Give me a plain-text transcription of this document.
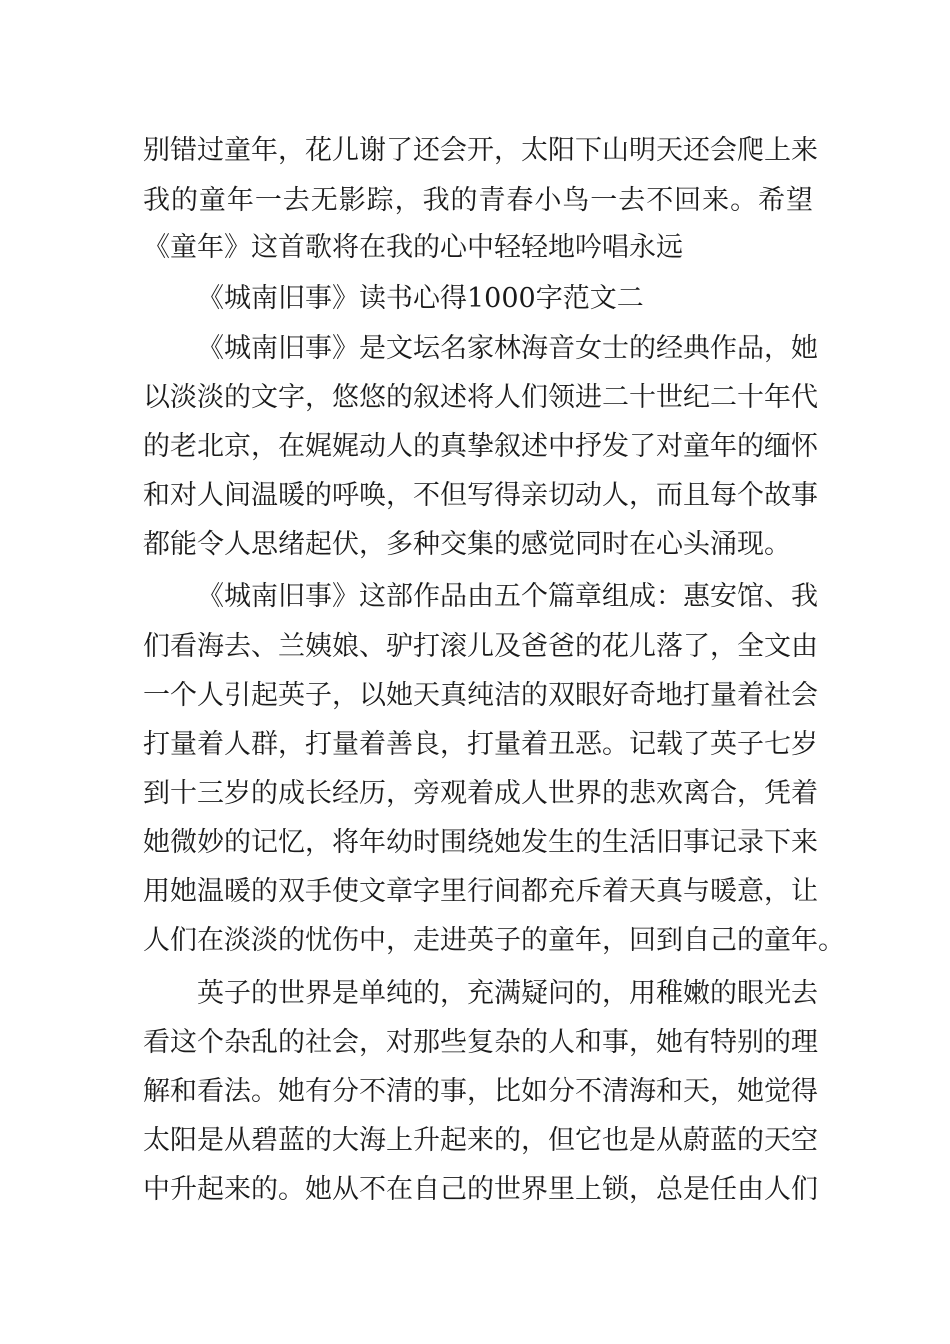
别错过童年，花儿谢了还会开，太阳下山明天还会爬上来
我的童年一去无影踪，我的青春小鸟一去不回来。希望
《童年》这首歌将在我的心中轻轻地吟唱永远
《城南旧事》读书心得1000字范文二
《城南旧事》是文坛名家林海音女士的经典作品，她
以淡淡的文字，悠悠的叙述将人们领进二十世纪二十年代
的老北京，在娓娓动人的真挚叙述中抒发了对童年的缅怀
和对人间温暖的呼唤，不但写得亲切动人，而且每个故事
都能令人思绪起伏，多种交集的感觉同时在心头涌现。
《城南旧事》这部作品由五个篇章组成：惠安馆、我
们看海去、兰姨娘、驴打滚儿及爸爸的花儿落了，全文由
一个人引起英子，以她天真纯洁的双眼好奇地打量着社会
打量着人群，打量着善良，打量着丑恶。记载了英子七岁
到十三岁的成长经历，旁观着成人世界的悲欢离合，凭着
她微妙的记忆，将年幼时围绕她发生的生活旧事记录下来
用她温暖的双手使文章字里行间都充斥着天真与暖意，让
人们在淡淡的忧伤中，走进英子的童年，回到自己的童年。
英子的世界是单纯的，充满疑问的，用稚嫩的眼光去
看这个杂乱的社会，对那些复杂的人和事，她有特别的理
解和看法。她有分不清的事，比如分不清海和天，她觉得
太阳是从碧蓝的大海上升起来的，但它也是从蔚蓝的天空
中升起来的。她从不在自己的世界里上锁，总是任由人们
